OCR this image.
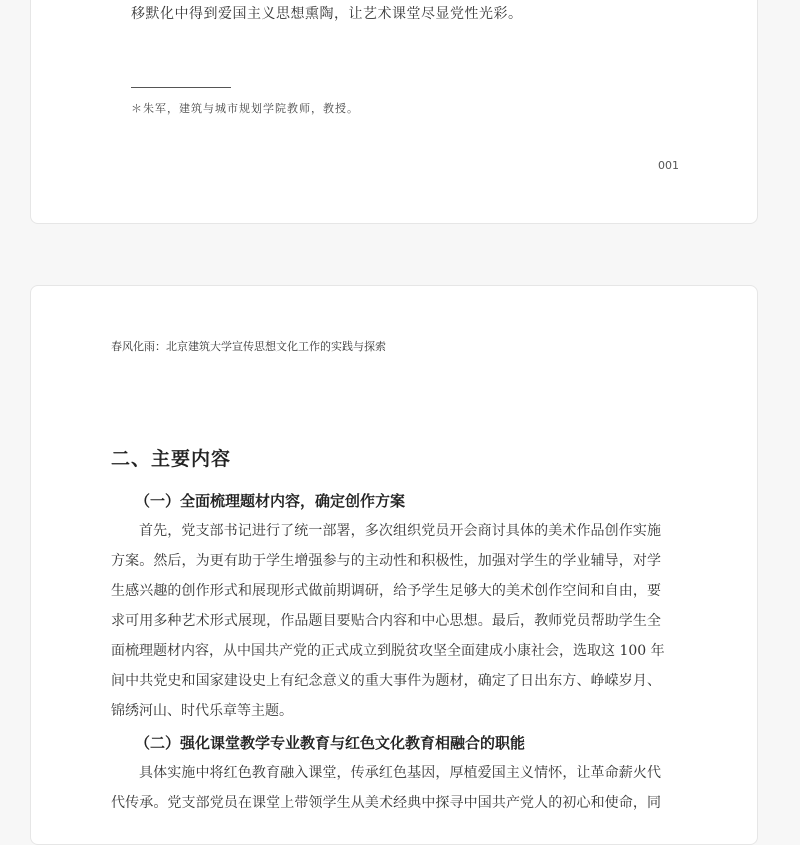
移默化中得到爱国主义思想熏陶，让艺术课堂尽显党性光彩。
＊朱军，建筑与城市规划学院教师，教授。
001
春风化雨：北京建筑大学宣传思想文化工作的实践与探索
二、主要内容
（一）全面梳理题材内容，确定创作方案
首先，党支部书记进行了统一部署，多次组织党员开会商讨具体的美术作品创作实施
方案。然后，为更有助于学生增强参与的主动性和积极性，加强对学生的学业辅导，对学
生感兴趣的创作形式和展现形式做前期调研，给予学生足够大的美术创作空间和自由，要
求可用多种艺术形式展现，作品题目要贴合内容和中心思想。最后，教师党员帮助学生全
面梳理题材内容，从中国共产党的正式成立到脱贫攻坚全面建成小康社会，选取这 100 年
间中共党史和国家建设史上有纪念意义的重大事件为题材，确定了日出东方、峥嵘岁月、
锦绣河山、时代乐章等主题。
（二）强化课堂教学专业教育与红色文化教育相融合的职能
具体实施中将红色教育融入课堂，传承红色基因，厚植爱国主义情怀，让革命薪火代
代传承。党支部党员在课堂上带领学生从美术经典中探寻中国共产党人的初心和使命，同
